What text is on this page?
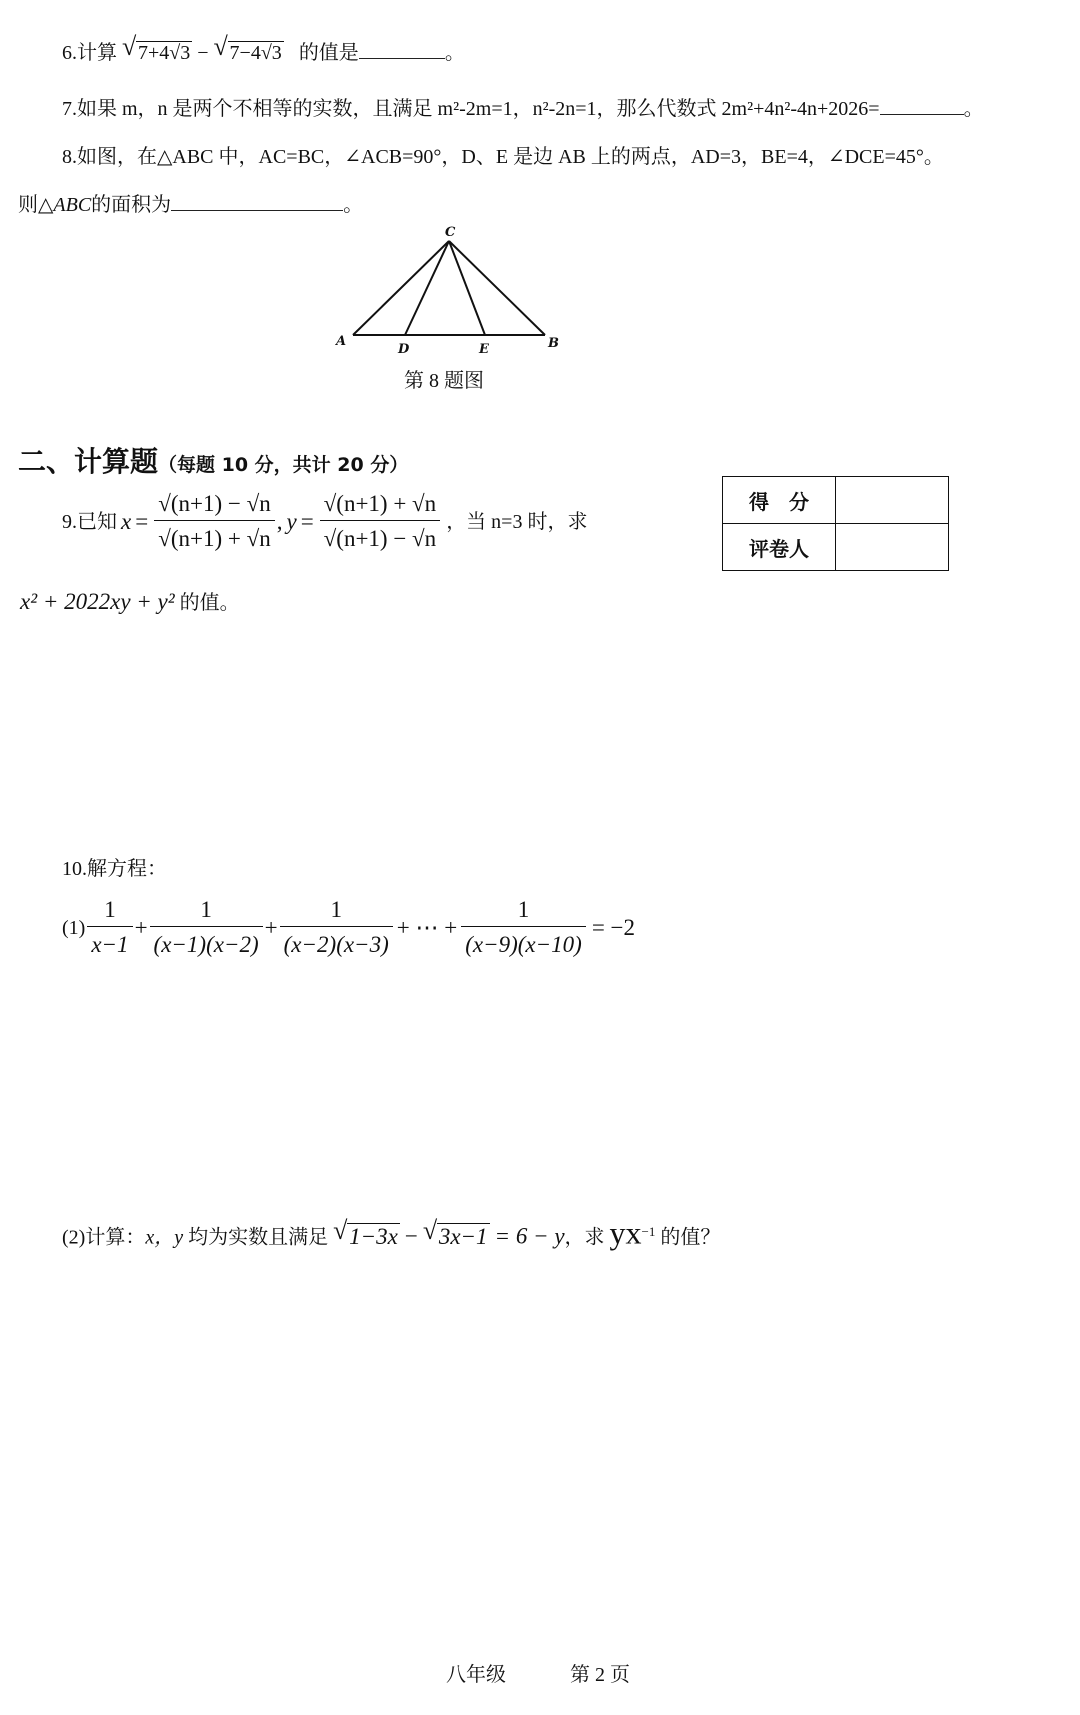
6.计算 √ 7+4√3 − √ 7−4√3 的值是	。
7.如果 m，n 是两个不相等的实数，且满足 m²-2m=1，n²-2n=1，那么代数式 2m²+4n²-4n+2026=	。
8.如图，在△ABC 中，AC=BC，∠ACB=90°，D、E 是边 AB 上的两点，AD=3，BE=4，∠DCE=45°。
则△ABC的面积为	。
C
A
D	E	B
第 8 题图
二、计算题（每题 10 分，共计 20 分）
得　分	
评卷人	
9.已知 $x = \frac{√(n+1) - √n}{√(n+1) + √n}$ , $y = \frac{√(n+1) + √n}{√(n+1) - √n}$ ，当 n=3 时，求
x² + 2022xy + y² 的值。
10.解方程：
$(1) \frac{1}{x-1} + \frac{1}{(x-1)(x-2)} + \frac{1}{(x-2)(x-3)}$ + ⋯ + $\frac{1}{(x-9)(x-10)} = -2$
(2)计算：x，y 均为实数且满足 √ 1−3x − √ 3x−1 = 6 − y，求 $yx^{-1}$ 的值？
八年级	第 2 页
